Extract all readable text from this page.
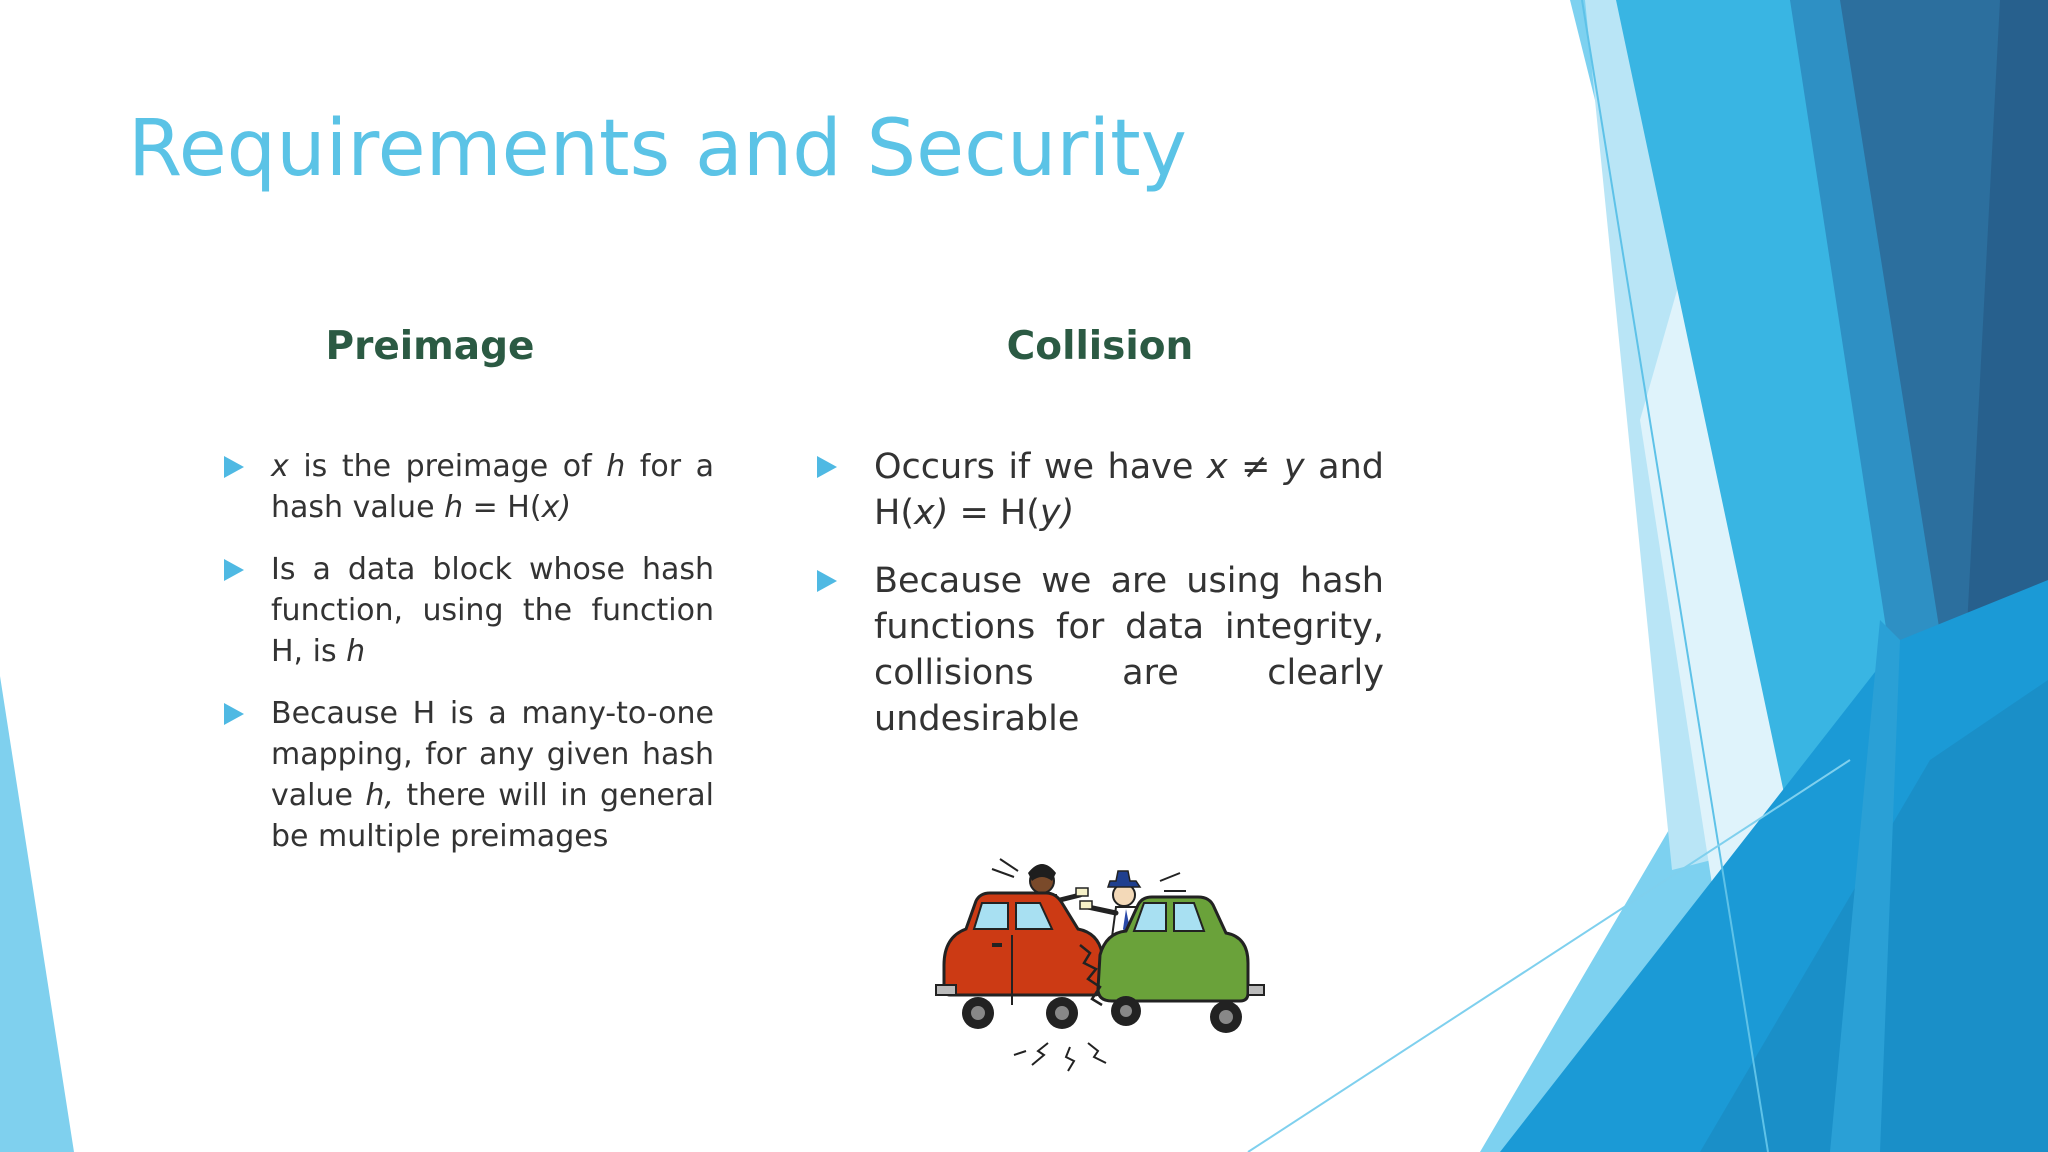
Requirements and Security
Preimage	Collision
x is the preimage of h for a hash value h = H(x)
Is a data block whose hash function, using the function H, is h
Because H is a many-to-one mapping, for any given hash value h, there will in general be multiple preimages
Occurs if we have x ≠ y and H(x) = H(y)
Because we are using hash functions for data integrity, collisions are clearly undesirable
